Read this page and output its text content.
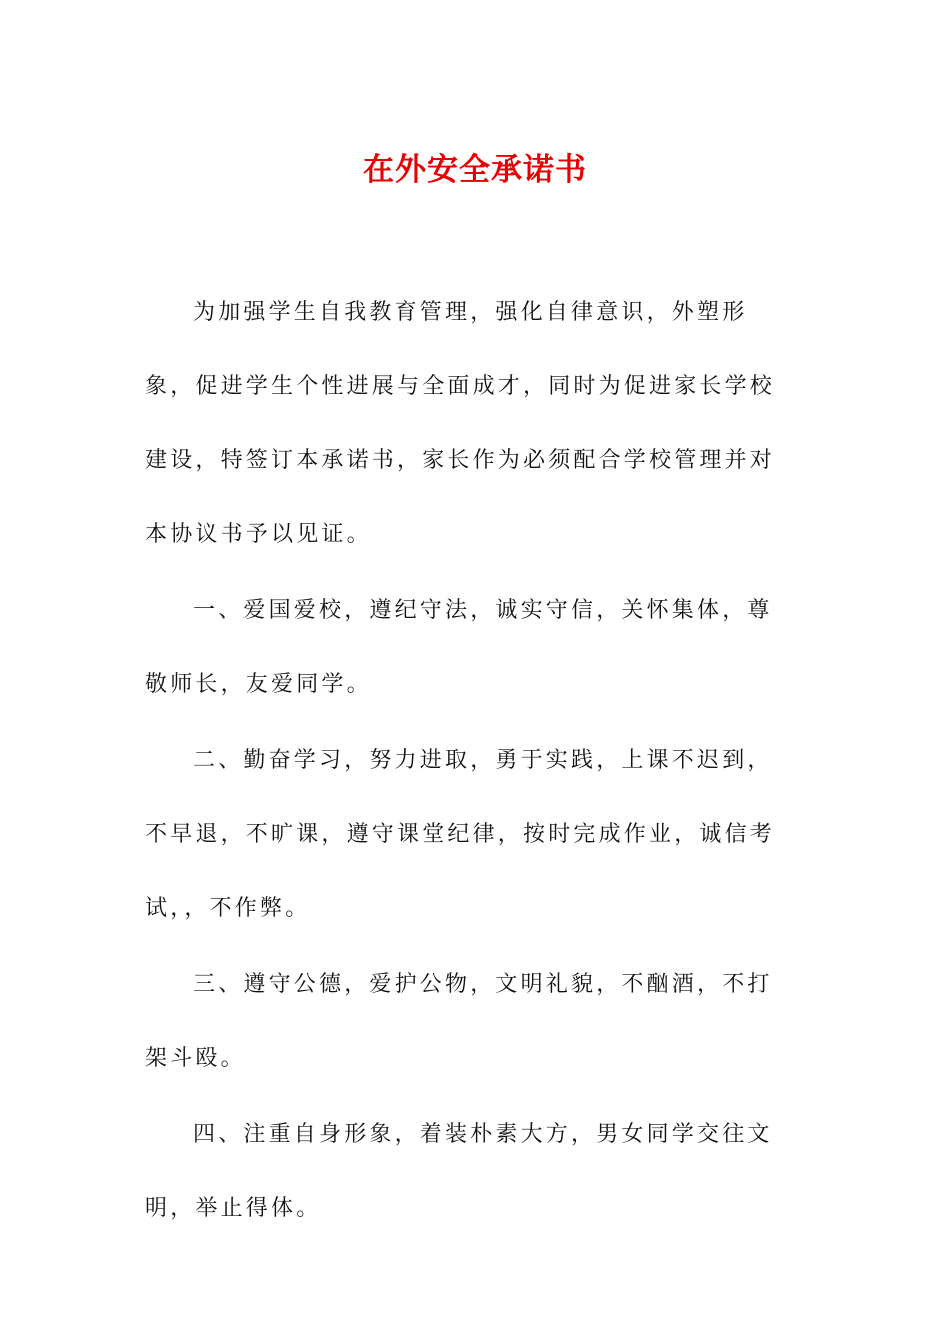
在外安全承诺书

为加强学生自我教育管理，强化自律意识，外塑形象，促进学生个性进展与全面成才，同时为促进家长学校建设，特签订本承诺书，家长作为必须配合学校管理并对本协议书予以见证。

一、爱国爱校，遵纪守法，诚实守信，关怀集体，尊敬师长，友爱同学。

二、勤奋学习，努力进取，勇于实践，上课不迟到，不早退，不旷课，遵守课堂纪律，按时完成作业，诚信考试，，不作弊。

三、遵守公德，爱护公物，文明礼貌，不酗酒，不打架斗殴。

四、注重自身形象，着装朴素大方，男女同学交往文明，举止得体。
